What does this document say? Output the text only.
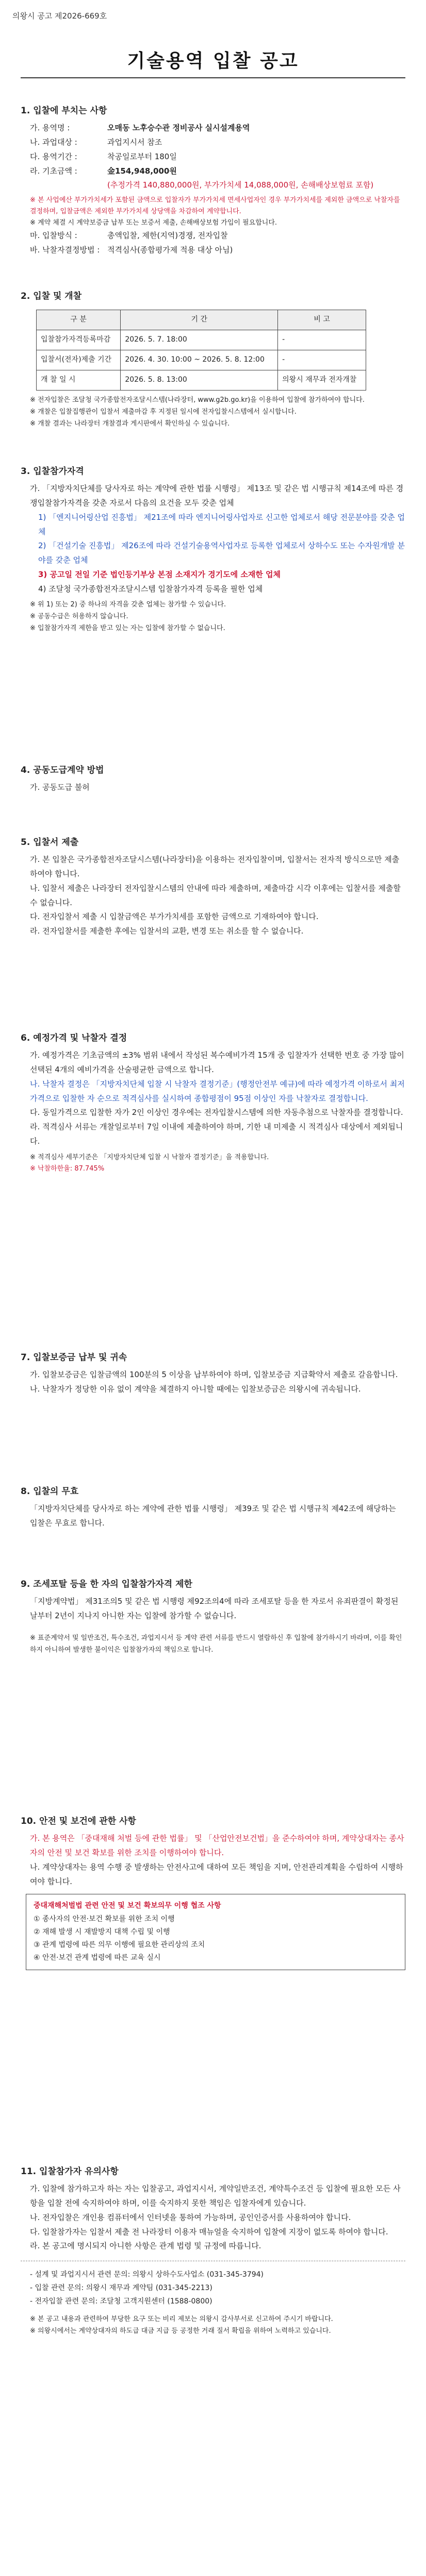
의왕시 공고 제2026-669호
기술용역 입찰 공고
1. 입찰에 부치는 사항
가. 용역명 :	오매동 노후승수관 정비공사 실시설계용역
나. 과업대상 :	과업지시서 참조
다. 용역기간 :	착공일로부터 180일
라. 기초금액 :	金154,948,000원
(추정가격 140,880,000원, 부가가치세 14,088,000원, 손해배상보험료 포함)
※ 본 사업예산 부가가치세가 포함된 금액으로 입찰자가 부가가치세 면세사업자인 경우 부가가치세를 제외한 금액으로 낙찰자를 결정하며, 입찰금액은 제외한 부가가치세 상당액을 차감하여 계약합니다.
※ 계약 체결 시 계약보증금 납부 또는 보증서 제출, 손해배상보험 가입이 필요합니다.
마. 입찰방식 :	총액입찰, 제한(지역)경쟁, 전자입찰
바. 낙찰자결정방법 : 적격심사(종합평가제 적용 대상 아님)
2. 입찰 및 개찰
구 분	기 간	비 고
입찰참가자격등록마감	2026. 5. 7. 18:00	-
입찰서(전자)제출 기간	2026. 4. 30. 10:00 ~ 2026. 5. 8. 12:00	-
개 찰 일 시	2026. 5. 8. 13:00	의왕시 재무과 전자개찰
※ 전자입찰은 조달청 국가종합전자조달시스템(나라장터, www.g2b.go.kr)을 이용하여 입찰에 참가하여야 합니다.
※ 개찰은 입찰집행관이 입찰서 제출마감 후 지정된 일시에 전자입찰시스템에서 실시합니다.
※ 개찰 결과는 나라장터 개찰결과 게시판에서 확인하실 수 있습니다.
3. 입찰참가자격
가. 「지방자치단체를 당사자로 하는 계약에 관한 법률 시행령」 제13조 및 같은 법 시행규칙 제14조에 따른 경쟁입찰참가자격을 갖춘 자로서 다음의 요건을 모두 갖춘 업체
1) 「엔지니어링산업 진흥법」 제21조에 따라 엔지니어링사업자로 신고한 업체로서 해당 전문분야를 갖춘 업체
2) 「건설기술 진흥법」 제26조에 따라 건설기술용역사업자로 등록한 업체로서 상하수도 또는 수자원개발 분야를 갖춘 업체
3) 공고일 전일 기준 법인등기부상 본점 소재지가 경기도에 소재한 업체
4) 조달청 국가종합전자조달시스템 입찰참가자격 등록을 필한 업체
※ 위 1) 또는 2) 중 하나의 자격을 갖춘 업체는 참가할 수 있습니다.
※ 공동수급은 허용하지 않습니다.
※ 입찰참가자격 제한을 받고 있는 자는 입찰에 참가할 수 없습니다.
4. 공동도급계약 방법
가. 공동도급 불허
5. 입찰서 제출
가. 본 입찰은 국가종합전자조달시스템(나라장터)을 이용하는 전자입찰이며, 입찰서는 전자적 방식으로만 제출하여야 합니다.
나. 입찰서 제출은 나라장터 전자입찰시스템의 안내에 따라 제출하며, 제출마감 시각 이후에는 입찰서를 제출할 수 없습니다.
다. 전자입찰서 제출 시 입찰금액은 부가가치세를 포함한 금액으로 기재하여야 합니다.
라. 전자입찰서를 제출한 후에는 입찰서의 교환, 변경 또는 취소를 할 수 없습니다.
6. 예정가격 및 낙찰자 결정
가. 예정가격은 기초금액의 ±3% 범위 내에서 작성된 복수예비가격 15개 중 입찰자가 선택한 번호 중 가장 많이 선택된 4개의 예비가격을 산술평균한 금액으로 합니다.
나. 낙찰자 결정은 「지방자치단체 입찰 시 낙찰자 결정기준」(행정안전부 예규)에 따라 예정가격 이하로서 최저가격으로 입찰한 자 순으로 적격심사를 실시하여 종합평점이 95점 이상인 자를 낙찰자로 결정합니다.
다. 동일가격으로 입찰한 자가 2인 이상인 경우에는 전자입찰시스템에 의한 자동추첨으로 낙찰자를 결정합니다.
라. 적격심사 서류는 개찰일로부터 7일 이내에 제출하여야 하며, 기한 내 미제출 시 적격심사 대상에서 제외됩니다.
※ 적격심사 세부기준은 「지방자치단체 입찰 시 낙찰자 결정기준」을 적용합니다.
※ 낙찰하한율: 87.745%
7. 입찰보증금 납부 및 귀속
가. 입찰보증금은 입찰금액의 100분의 5 이상을 납부하여야 하며, 입찰보증금 지급확약서 제출로 갈음합니다.
나. 낙찰자가 정당한 이유 없이 계약을 체결하지 아니할 때에는 입찰보증금은 의왕시에 귀속됩니다.
8. 입찰의 무효
「지방자치단체를 당사자로 하는 계약에 관한 법률 시행령」 제39조 및 같은 법 시행규칙 제42조에 해당하는 입찰은 무효로 합니다.
9. 조세포탈 등을 한 자의 입찰참가자격 제한
「지방계약법」 제31조의5 및 같은 법 시행령 제92조의4에 따라 조세포탈 등을 한 자로서 유죄판결이 확정된 날부터 2년이 지나지 아니한 자는 입찰에 참가할 수 없습니다.
※ 표준계약서 및 일반조건, 특수조건, 과업지시서 등 계약 관련 서류를 반드시 열람하신 후 입찰에 참가하시기 바라며, 이를 확인하지 아니하여 발생한 불이익은 입찰참가자의 책임으로 합니다.
10. 안전 및 보건에 관한 사항
가. 본 용역은 「중대재해 처벌 등에 관한 법률」 및 「산업안전보건법」을 준수하여야 하며, 계약상대자는 종사자의 안전 및 보건 확보를 위한 조치를 이행하여야 합니다.
나. 계약상대자는 용역 수행 중 발생하는 안전사고에 대하여 모든 책임을 지며, 안전관리계획을 수립하여 시행하여야 합니다.
중대재해처벌법 관련 안전 및 보건 확보의무 이행 협조 사항
① 종사자의 안전·보건 확보를 위한 조치 이행
② 재해 발생 시 재발방지 대책 수립 및 이행
③ 관계 법령에 따른 의무 이행에 필요한 관리상의 조치
④ 안전·보건 관계 법령에 따른 교육 실시
11. 입찰참가자 유의사항
가. 입찰에 참가하고자 하는 자는 입찰공고, 과업지시서, 계약일반조건, 계약특수조건 등 입찰에 필요한 모든 사항을 입찰 전에 숙지하여야 하며, 이를 숙지하지 못한 책임은 입찰자에게 있습니다.
나. 전자입찰은 개인용 컴퓨터에서 인터넷을 통하여 가능하며, 공인인증서를 사용하여야 합니다.
다. 입찰참가자는 입찰서 제출 전 나라장터 이용자 매뉴얼을 숙지하여 입찰에 지장이 없도록 하여야 합니다.
라. 본 공고에 명시되지 아니한 사항은 관계 법령 및 규정에 따릅니다.
- 설계 및 과업지시서 관련 문의: 의왕시 상하수도사업소 (031-345-3794)
- 입찰 관련 문의: 의왕시 재무과 계약팀 (031-345-2213)
- 전자입찰 관련 문의: 조달청 고객지원센터 (1588-0800)
※ 본 공고 내용과 관련하여 부당한 요구 또는 비리 제보는 의왕시 감사부서로 신고하여 주시기 바랍니다.
※ 의왕시에서는 계약상대자의 하도급 대금 지급 등 공정한 거래 질서 확립을 위하여 노력하고 있습니다.
